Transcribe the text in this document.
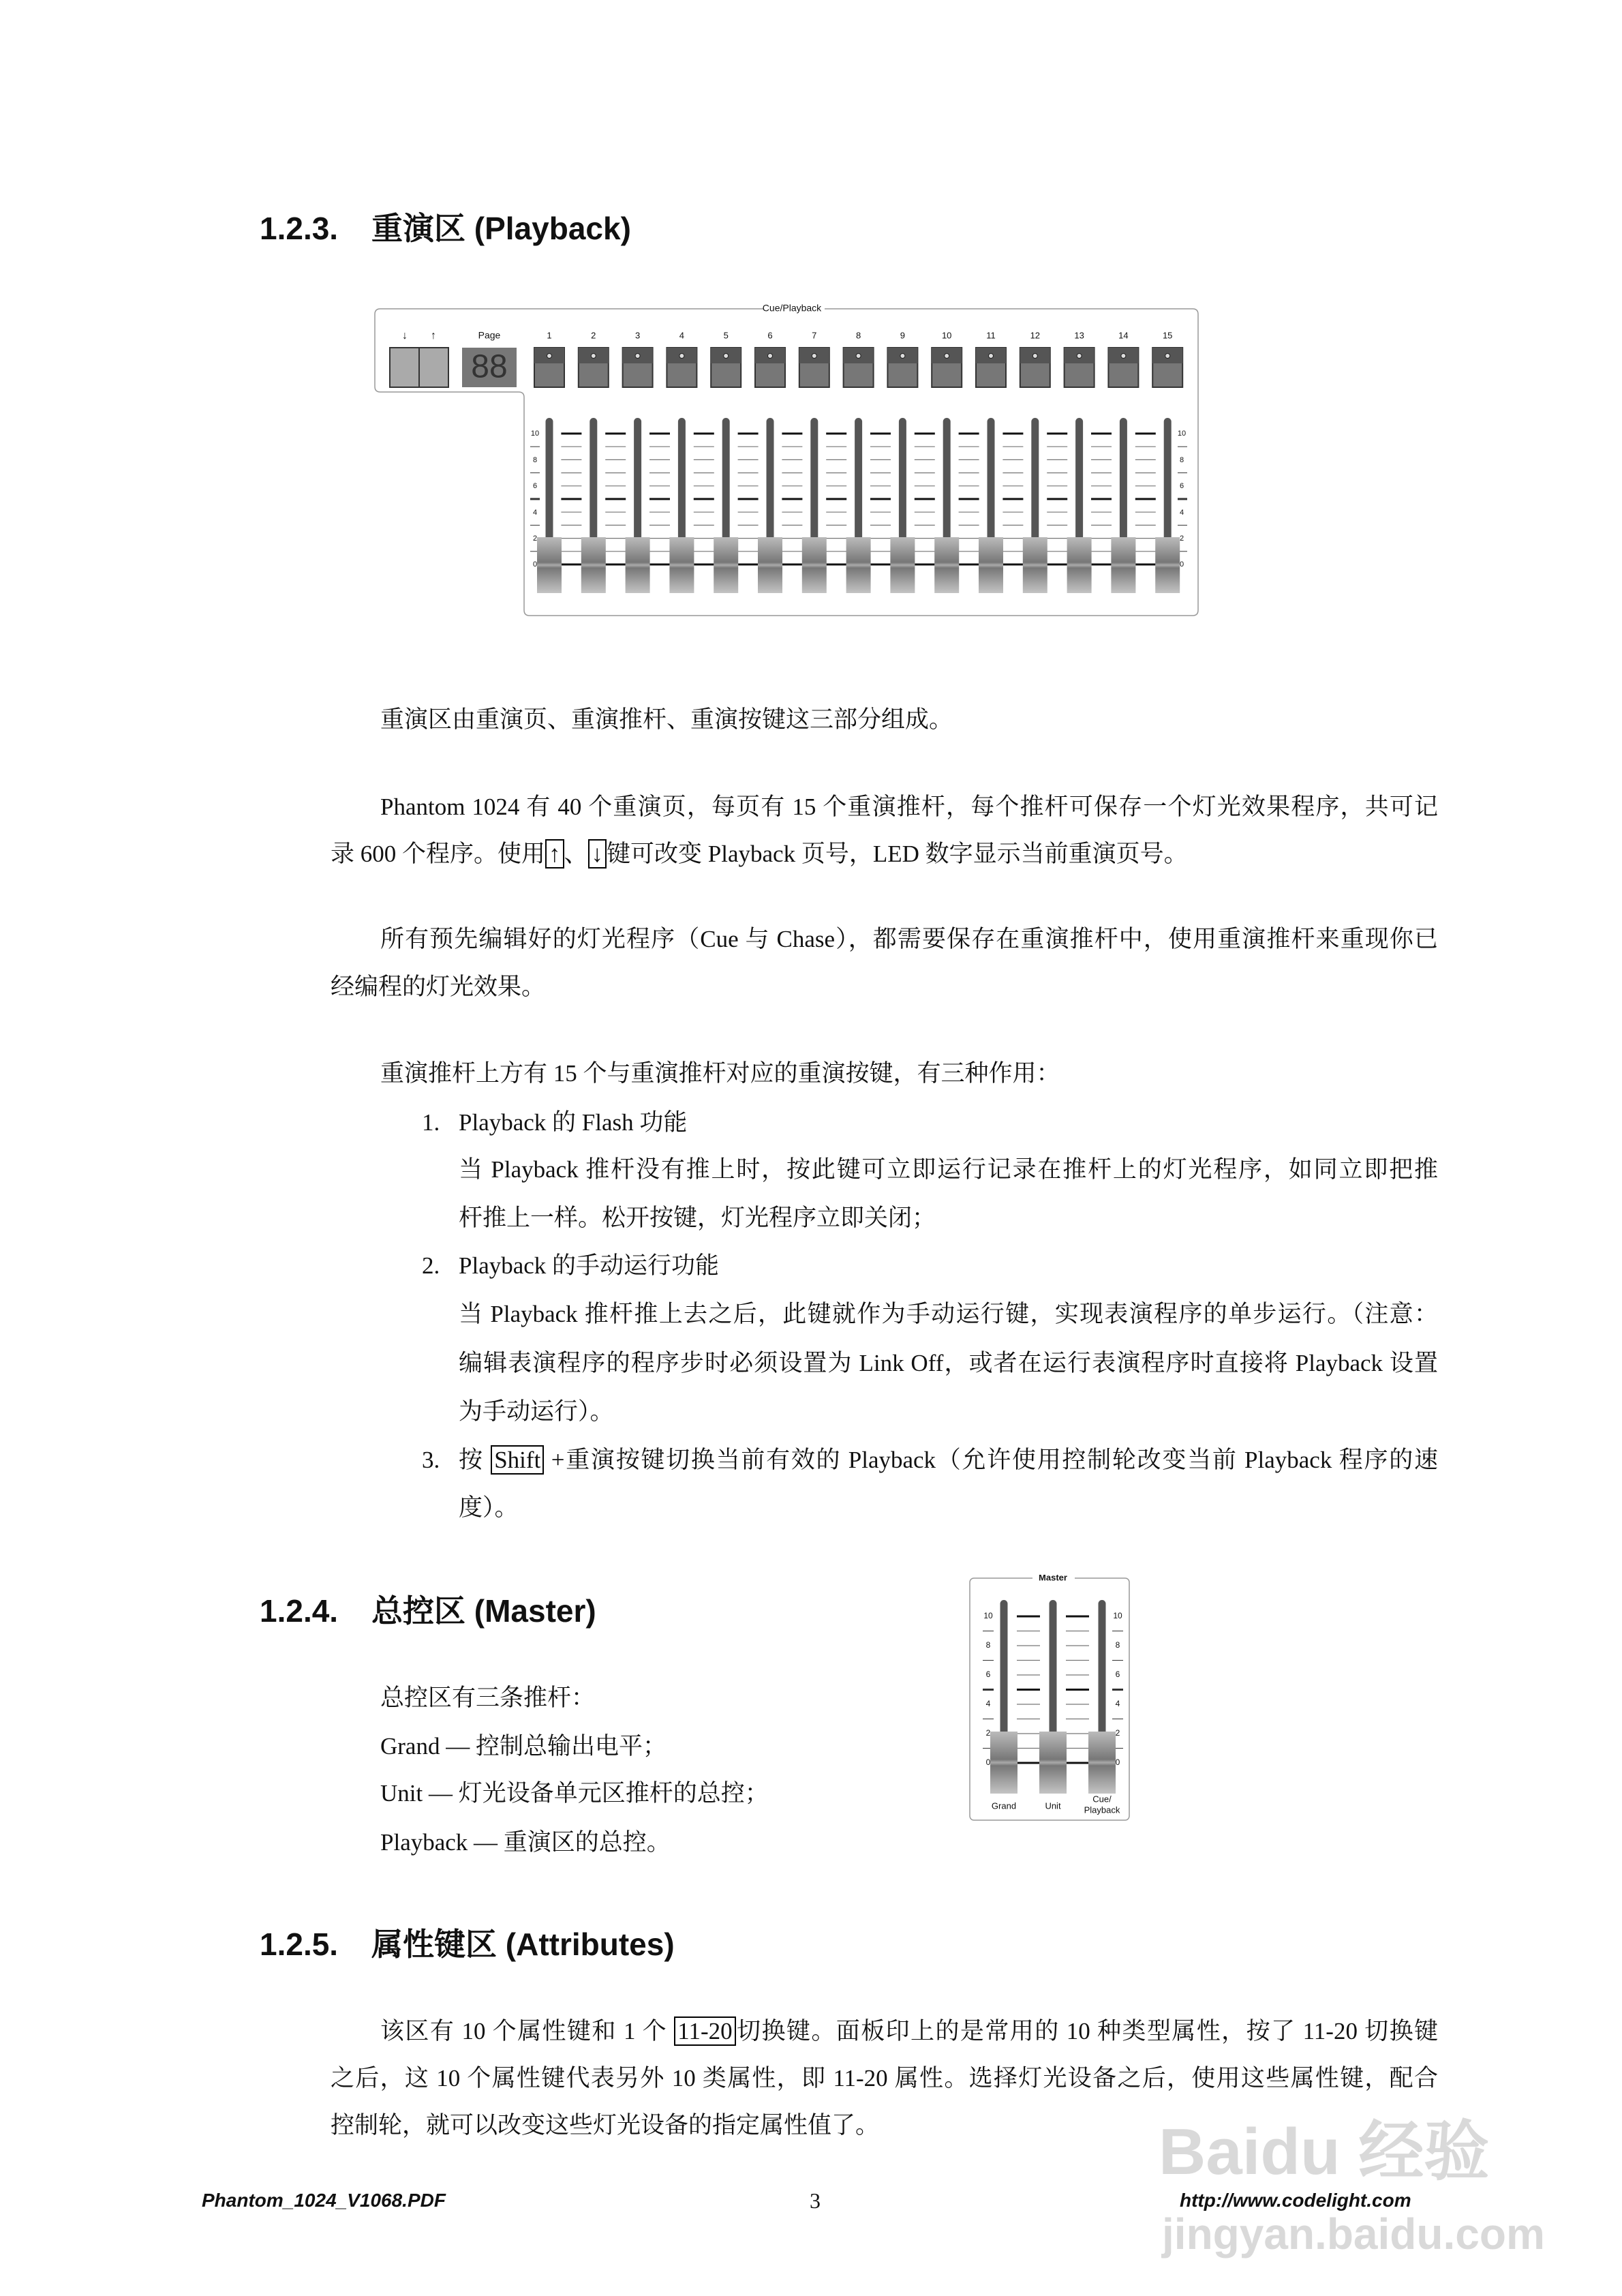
1.2.3. 重演区 (Playback)
1.2.4. 总控区 (Master)
1.2.5. 属性键区 (Attributes)
Cue/Playback
↓ ↑	Page
88
1	2	3	4	5	6	7	8	9	10	11	12	13	14	15
10	10
8	8
6	6
4	4
2	2
0	0
Master
10	10
8	8
6	6
4	4
2	2
0	0
Grand	Unit
Cue/
Playback
重演区由重演页、重演推杆、重演按键这三部分组成。
Phantom 1024 有 40 个重演页，每页有 15 个重演推杆，每个推杆可保存一个灯光效果程序，共可记
录 600 个程序。使用 ↑ 、 ↓ 键可改变 Playback 页号，LED 数字显示当前重演页号。
所有预先编辑好的灯光程序（Cue 与 Chase），都需要保存在重演推杆中，使用重演推杆来重现你已
经编程的灯光效果。
重演推杆上方有 15 个与重演推杆对应的重演按键，有三种作用：
Playback 的 Flash 功能
当 Playback 推杆没有推上时，按此键可立即运行记录在推杆上的灯光程序，如同立即把推
杆推上一样。松开按键，灯光程序立即关闭；
Playback 的手动运行功能
当 Playback 推杆推上去之后，此键就作为手动运行键，实现表演程序的单步运行。（注意：
编辑表演程序的程序步时必须设置为 Link Off，或者在运行表演程序时直接将 Playback 设置
为手动运行）。
按 Shift +重演按键切换当前有效的 Playback（允许使用控制轮改变当前 Playback 程序的速
度）。
总控区有三条推杆：
Grand — 控制总输出电平；
Unit — 灯光设备单元区推杆的总控；
Playback — 重演区的总控。
该区有 10 个属性键和 1 个 11-20 切换键。面板印上的是常用的 10 种类型属性，按了 11-20 切换键
之后，这 10 个属性键代表另外 10 类属性，即 11-20 属性。选择灯光设备之后，使用这些属性键，配合
控制轮，就可以改变这些灯光设备的指定属性值了。
1.
2.
3.
Baidu 经验
jingyan.baidu.com
Phantom_1024_V1068.PDF	3	http://www.codelight.com
